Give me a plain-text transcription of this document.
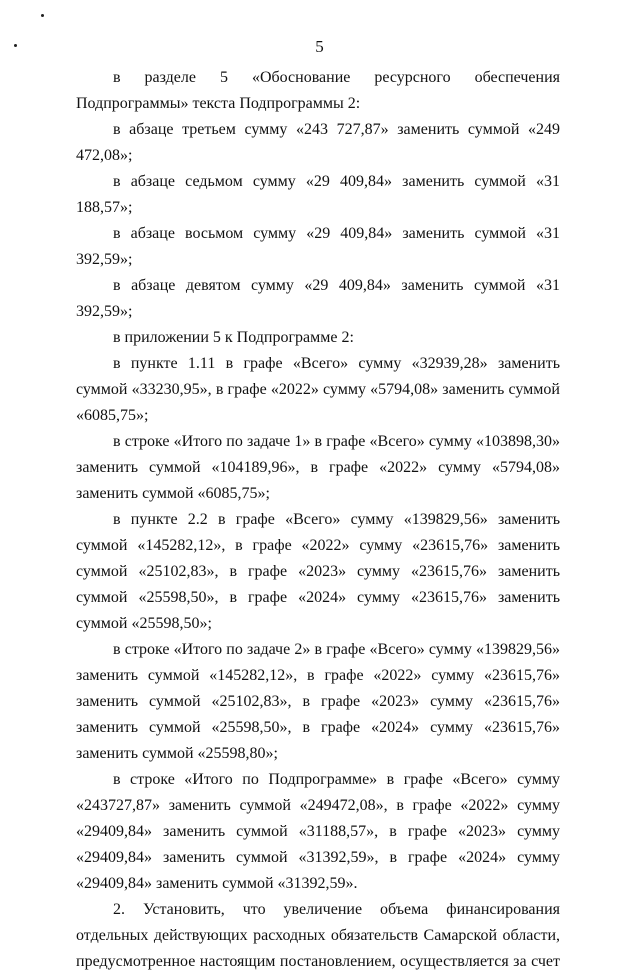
5

в разделе 5 «Обоснование ресурсного обеспечения Подпрограммы» текста Подпрограммы 2:

в абзаце третьем сумму «243 727,87» заменить суммой «249 472,08»;

в абзаце седьмом сумму «29 409,84» заменить суммой «31 188,57»;

в абзаце восьмом сумму «29 409,84» заменить суммой «31 392,59»;

в абзаце девятом сумму «29 409,84» заменить суммой «31 392,59»;

в приложении 5 к Подпрограмме 2:

в пункте 1.11 в графе «Всего» сумму «32939,28» заменить суммой «33230,95», в графе «2022» сумму «5794,08» заменить суммой «6085,75»;

в строке «Итого по задаче 1» в графе «Всего» сумму «103898,30» заменить суммой «104189,96», в графе «2022» сумму «5794,08» заменить суммой «6085,75»;

в пункте 2.2 в графе «Всего» сумму «139829,56» заменить суммой «145282,12», в графе «2022» сумму «23615,76» заменить суммой «25102,83», в графе «2023» сумму «23615,76» заменить суммой «25598,50», в графе «2024» сумму «23615,76» заменить суммой «25598,50»;

в строке «Итого по задаче 2» в графе «Всего» сумму «139829,56» заменить суммой «145282,12», в графе «2022» сумму «23615,76» заменить суммой «25102,83», в графе «2023» сумму «23615,76» заменить суммой «25598,50», в графе «2024» сумму «23615,76» заменить суммой «25598,80»;

в строке «Итого по Подпрограмме» в графе «Всего» сумму «243727,87» заменить суммой «249472,08», в графе «2022» сумму «29409,84» заменить суммой «31188,57», в графе «2023» сумму «29409,84» заменить суммой «31392,59», в графе «2024» сумму «29409,84» заменить суммой «31392,59».

2. Установить, что увеличение объема финансирования отдельных действующих расходных обязательств Самарской области, предусмотренное настоящим постановлением, осуществляется за счет
